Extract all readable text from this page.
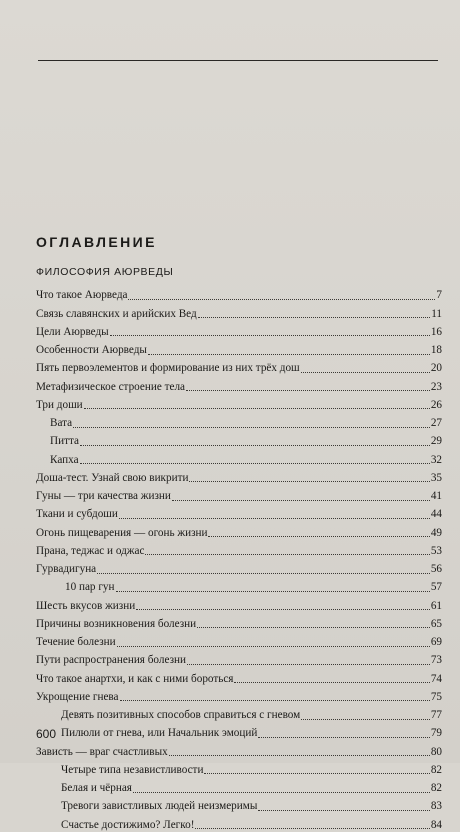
ОГЛАВЛЕНИЕ
ФИЛОСОФИЯ АЮРВЕДЫ
Что такое Аюрведа	7
Связь славянских и арийских Вед	11
Цели Аюрведы	16
Особенности Аюрведы	18
Пять первоэлементов и формирование из них трёх дош	20
Метафизическое строение тела	23
Три доши	26
Вата	27
Питта	29
Капха	32
Доша-тест. Узнай свою викрити	35
Гуны — три качества жизни	41
Ткани и субдоши	44
Огонь пищеварения — огонь жизни	49
Прана, теджас и оджас	53
Гурвадигуна	56
10 пар гун	57
Шесть вкусов жизни	61
Причины возникновения болезни	65
Течение болезни	69
Пути распространения болезни	73
Что такое анартхи, и как с ними бороться	74
Укрощение гнева	75
Девять позитивных способов справиться с гневом	77
Пилюли от гнева, или Начальник эмоций	79
Зависть — враг счастливых	80
Четыре типа независтливости	82
Белая и чёрная	82
Тревоги завистливых людей неизмеримы	83
Счастье достижимо? Легко!	84
600
